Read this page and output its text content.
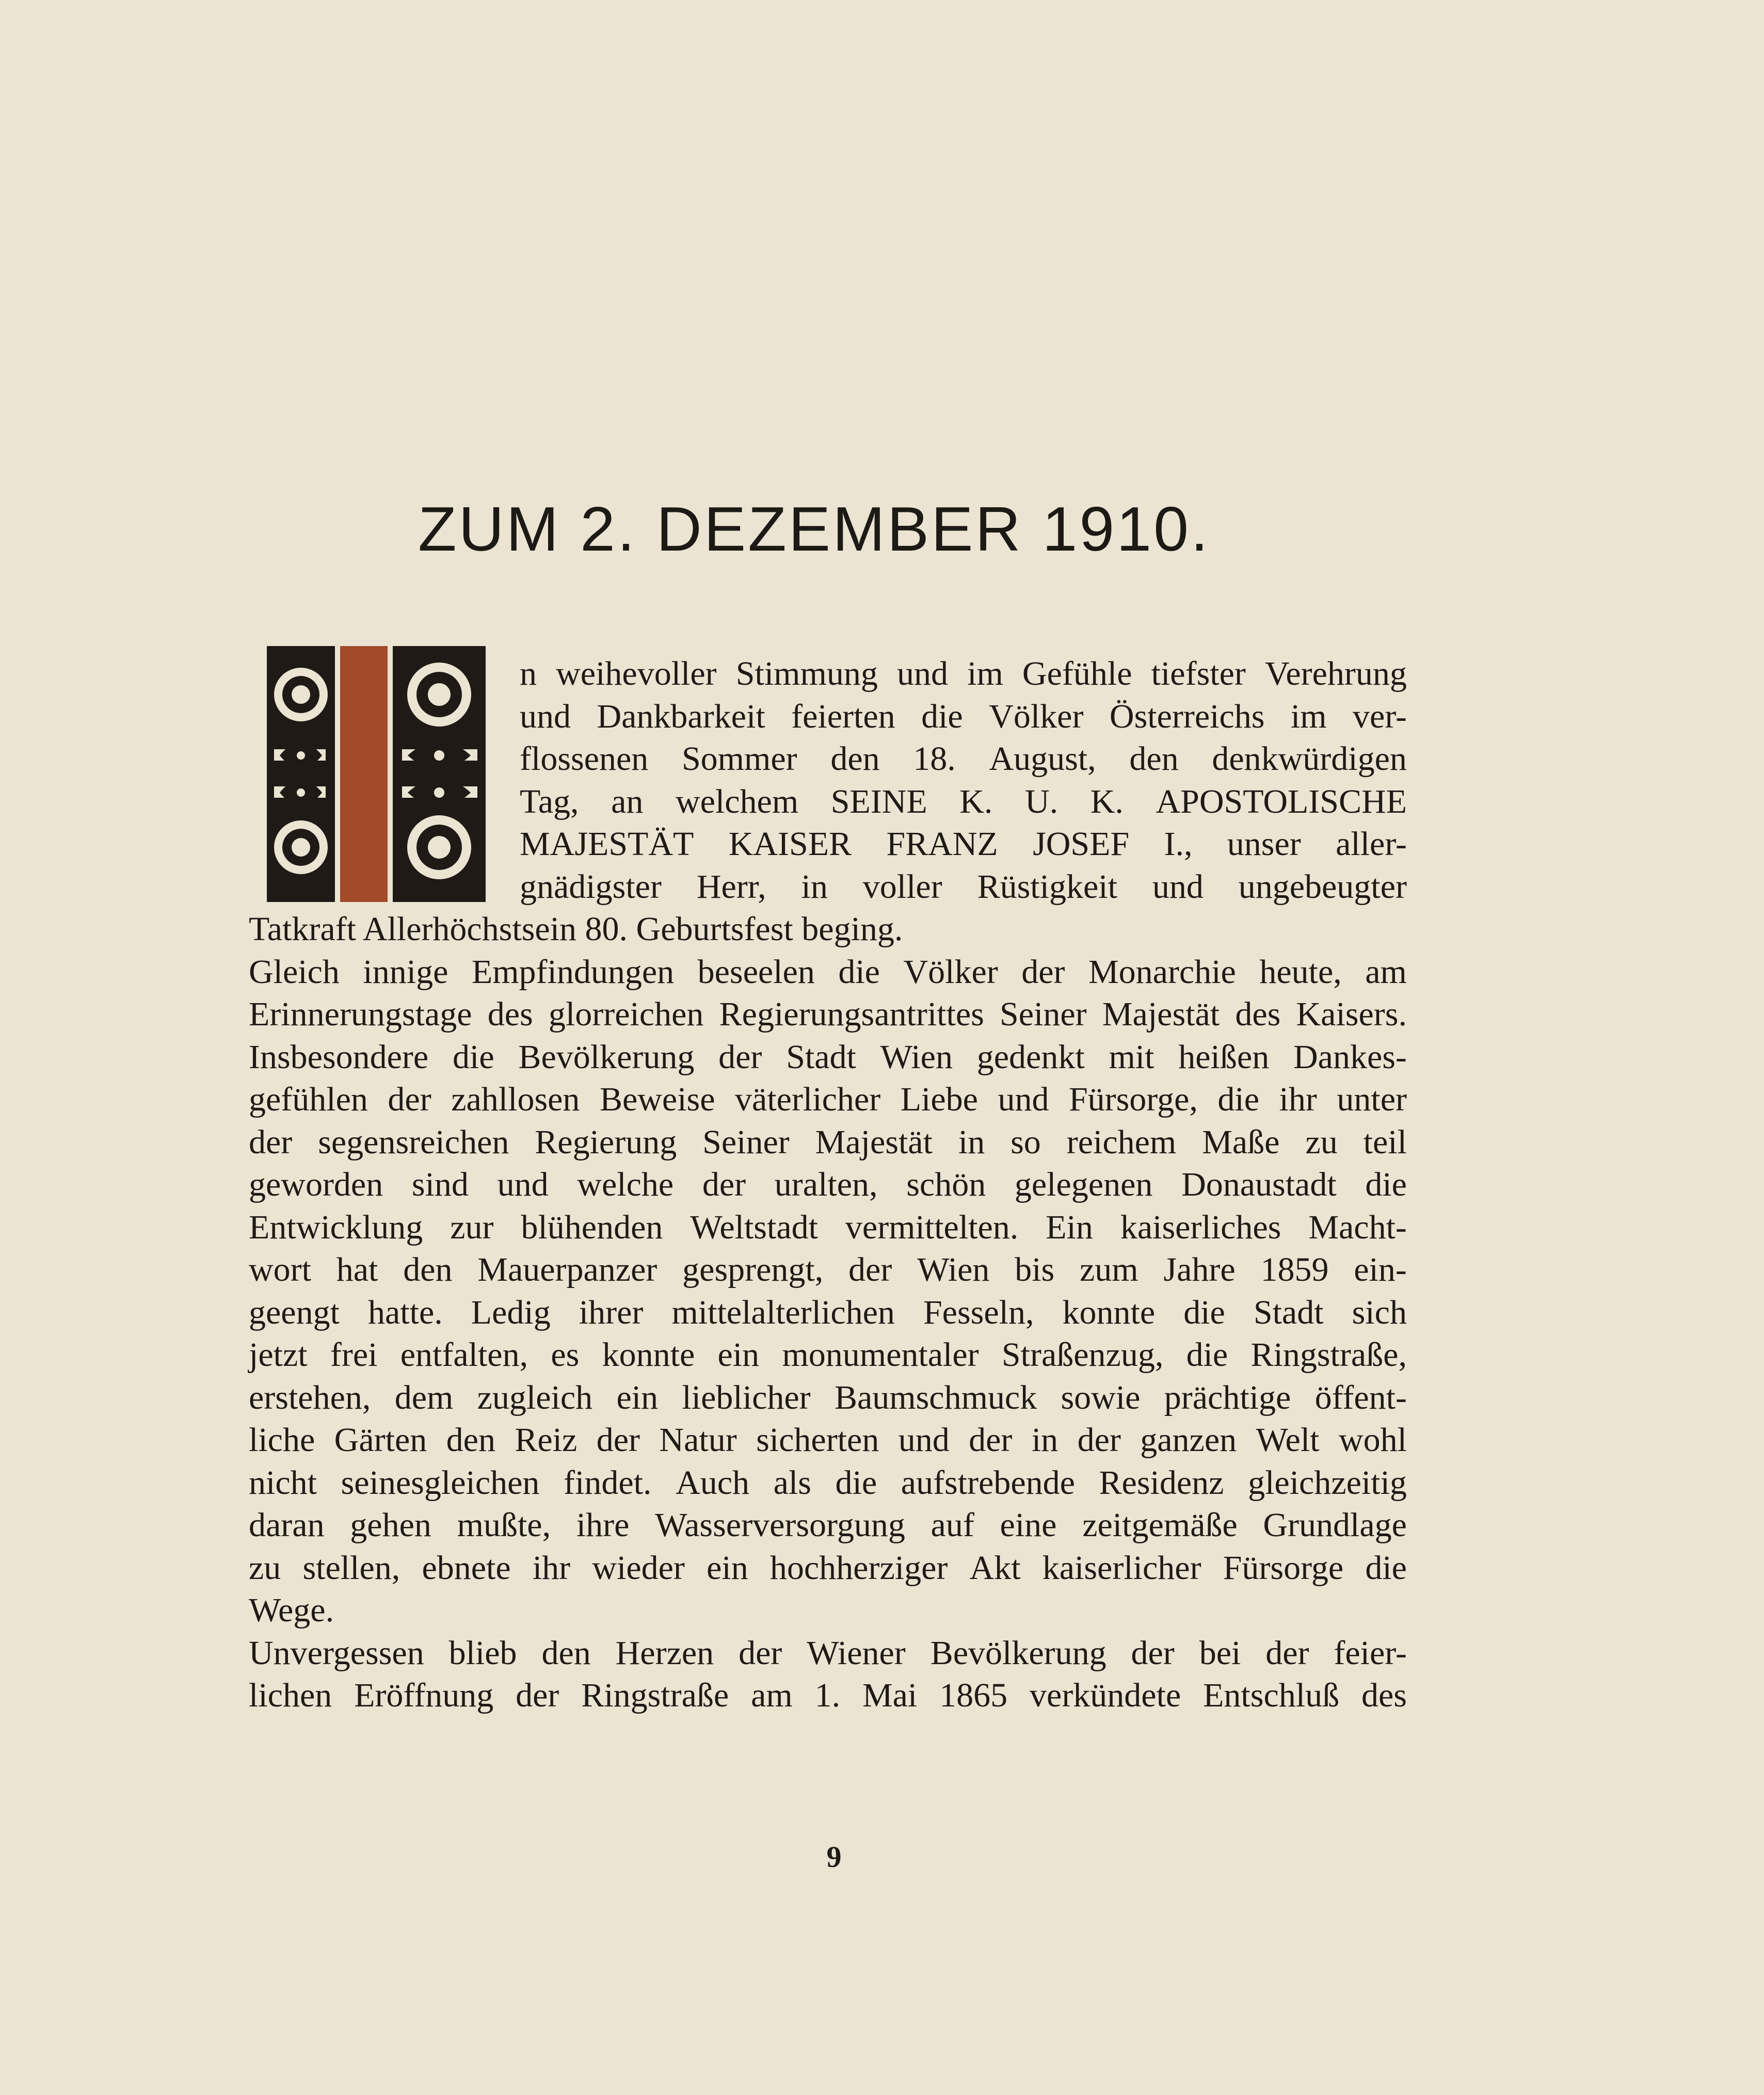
ZUM 2. DEZEMBER 1910.
n weihevoller Stimmung und im Gefühle tiefster Verehrung
und Dankbarkeit feierten die Völker Österreichs im ver-
flossenen Sommer den 18. August, den denkwürdigen
Tag, an welchem SEINE K. U. K. APOSTOLISCHE
MAJESTÄT KAISER FRANZ JOSEF I., unser aller-
gnädigster Herr, in voller Rüstigkeit und ungebeugter
Tatkraft Allerhöchstsein 80. Geburtsfest beging.
Gleich innige Empfindungen beseelen die Völker der Monarchie heute, am
Erinnerungstage des glorreichen Regierungsantrittes Seiner Majestät des Kaisers.
Insbesondere die Bevölkerung der Stadt Wien gedenkt mit heißen Dankes-
gefühlen der zahllosen Beweise väterlicher Liebe und Fürsorge, die ihr unter
der segensreichen Regierung Seiner Majestät in so reichem Maße zu teil
geworden sind und welche der uralten, schön gelegenen Donaustadt die
Entwicklung zur blühenden Weltstadt vermittelten. Ein kaiserliches Macht-
wort hat den Mauerpanzer gesprengt, der Wien bis zum Jahre 1859 ein-
geengt hatte. Ledig ihrer mittelalterlichen Fesseln, konnte die Stadt sich
jetzt frei entfalten, es konnte ein monumentaler Straßenzug, die Ringstraße,
erstehen, dem zugleich ein lieblicher Baumschmuck sowie prächtige öffent-
liche Gärten den Reiz der Natur sicherten und der in der ganzen Welt wohl
nicht seinesgleichen findet. Auch als die aufstrebende Residenz gleichzeitig
daran gehen mußte, ihre Wasserversorgung auf eine zeitgemäße Grundlage
zu stellen, ebnete ihr wieder ein hochherziger Akt kaiserlicher Fürsorge die
Wege.
Unvergessen blieb den Herzen der Wiener Bevölkerung der bei der feier-
lichen Eröffnung der Ringstraße am 1. Mai 1865 verkündete Entschluß des
9
